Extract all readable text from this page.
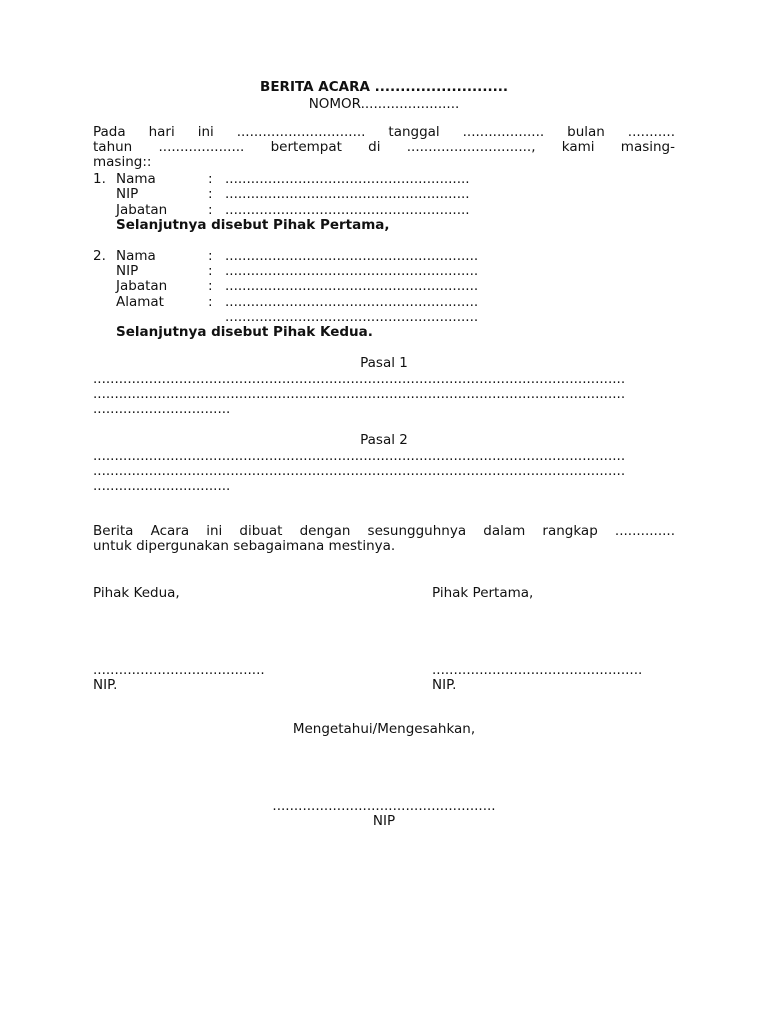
BERITA ACARA ..........................
NOMOR.......................
Pada hari ini .............................. tanggal ................... bulan ...........
tahun .................... bertempat di ............................., kami masing-
masing::
1. Nama	: .........................................................
NIP	: .........................................................
Jabatan	: .........................................................
Selanjutnya disebut Pihak Pertama,
2. Nama	: ...........................................................
NIP	: ...........................................................
Jabatan	: ...........................................................
Alamat	: ...........................................................
...........................................................
Selanjutnya disebut Pihak Kedua.
Pasal 1
............................................................................................................................
............................................................................................................................
................................
Pasal 2
............................................................................................................................
............................................................................................................................
................................
Berita Acara ini dibuat dengan sesungguhnya dalam rangkap ..............
untuk dipergunakan sebagaimana mestinya.
Pihak Kedua,	Pihak Pertama,
........................................	.................................................
NIP.	NIP.
Mengetahui/Mengesahkan,
....................................................
NIP
